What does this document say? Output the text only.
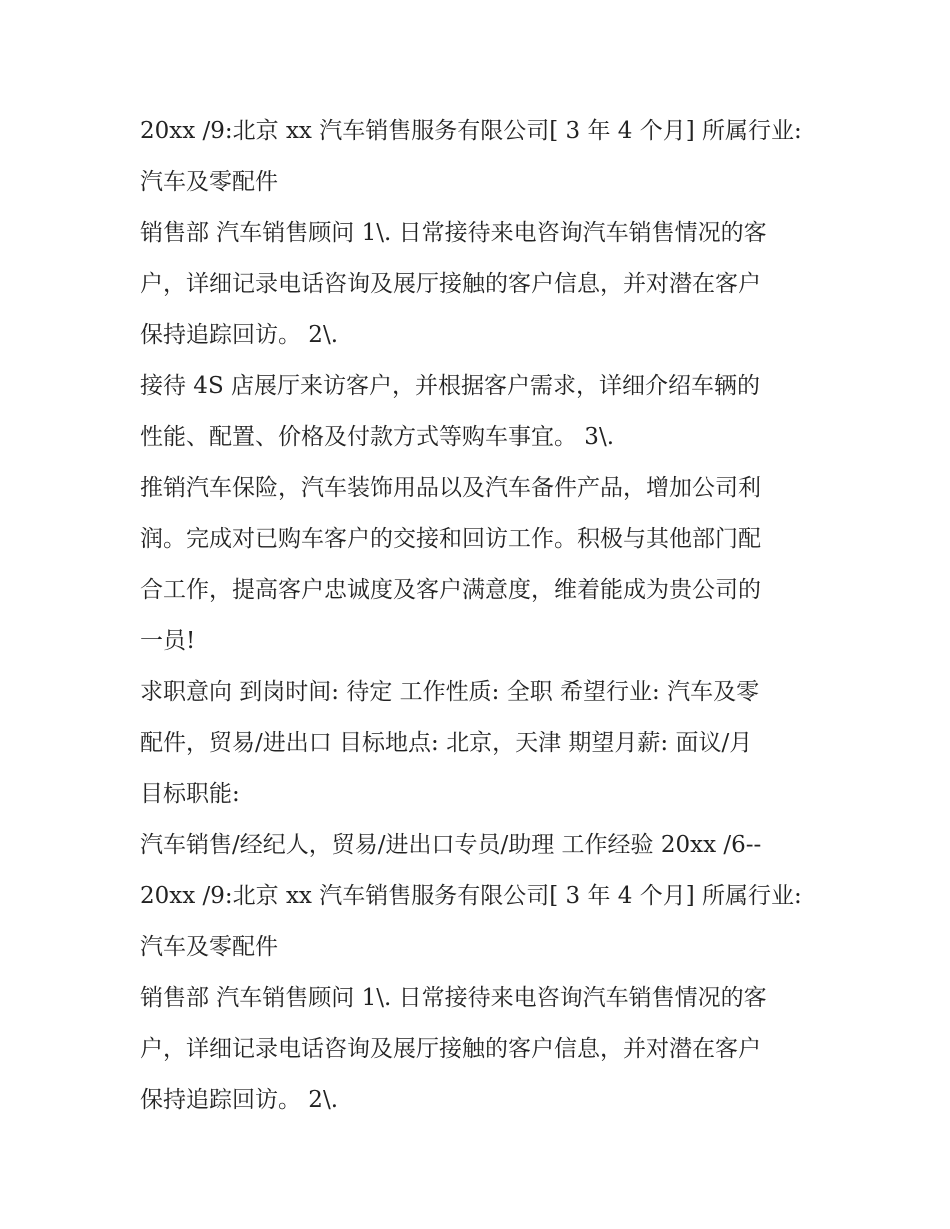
20xx /9:北京 xx 汽车销售服务有限公司[ 3 年 4 个月] 所属行业:
汽车及零配件
销售部 汽车销售顾问 1\. 日常接待来电咨询汽车销售情况的客
户，详细记录电话咨询及展厅接触的客户信息，并对潜在客户
保持追踪回访。 2\.
接待 4S 店展厅来访客户，并根据客户需求，详细介绍车辆的
性能、配置、价格及付款方式等购车事宜。 3\.
推销汽车保险，汽车装饰用品以及汽车备件产品，增加公司利
润。完成对已购车客户的交接和回访工作。积极与其他部门配
合工作，提高客户忠诚度及客户满意度，维着能成为贵公司的
一员!
求职意向 到岗时间: 待定 工作性质: 全职 希望行业: 汽车及零
配件，贸易/进出口 目标地点: 北京，天津 期望月薪: 面议/月
目标职能:
汽车销售/经纪人，贸易/进出口专员/助理 工作经验 20xx /6--
20xx /9:北京 xx 汽车销售服务有限公司[ 3 年 4 个月] 所属行业:
汽车及零配件
销售部 汽车销售顾问 1\. 日常接待来电咨询汽车销售情况的客
户，详细记录电话咨询及展厅接触的客户信息，并对潜在客户
保持追踪回访。 2\.
